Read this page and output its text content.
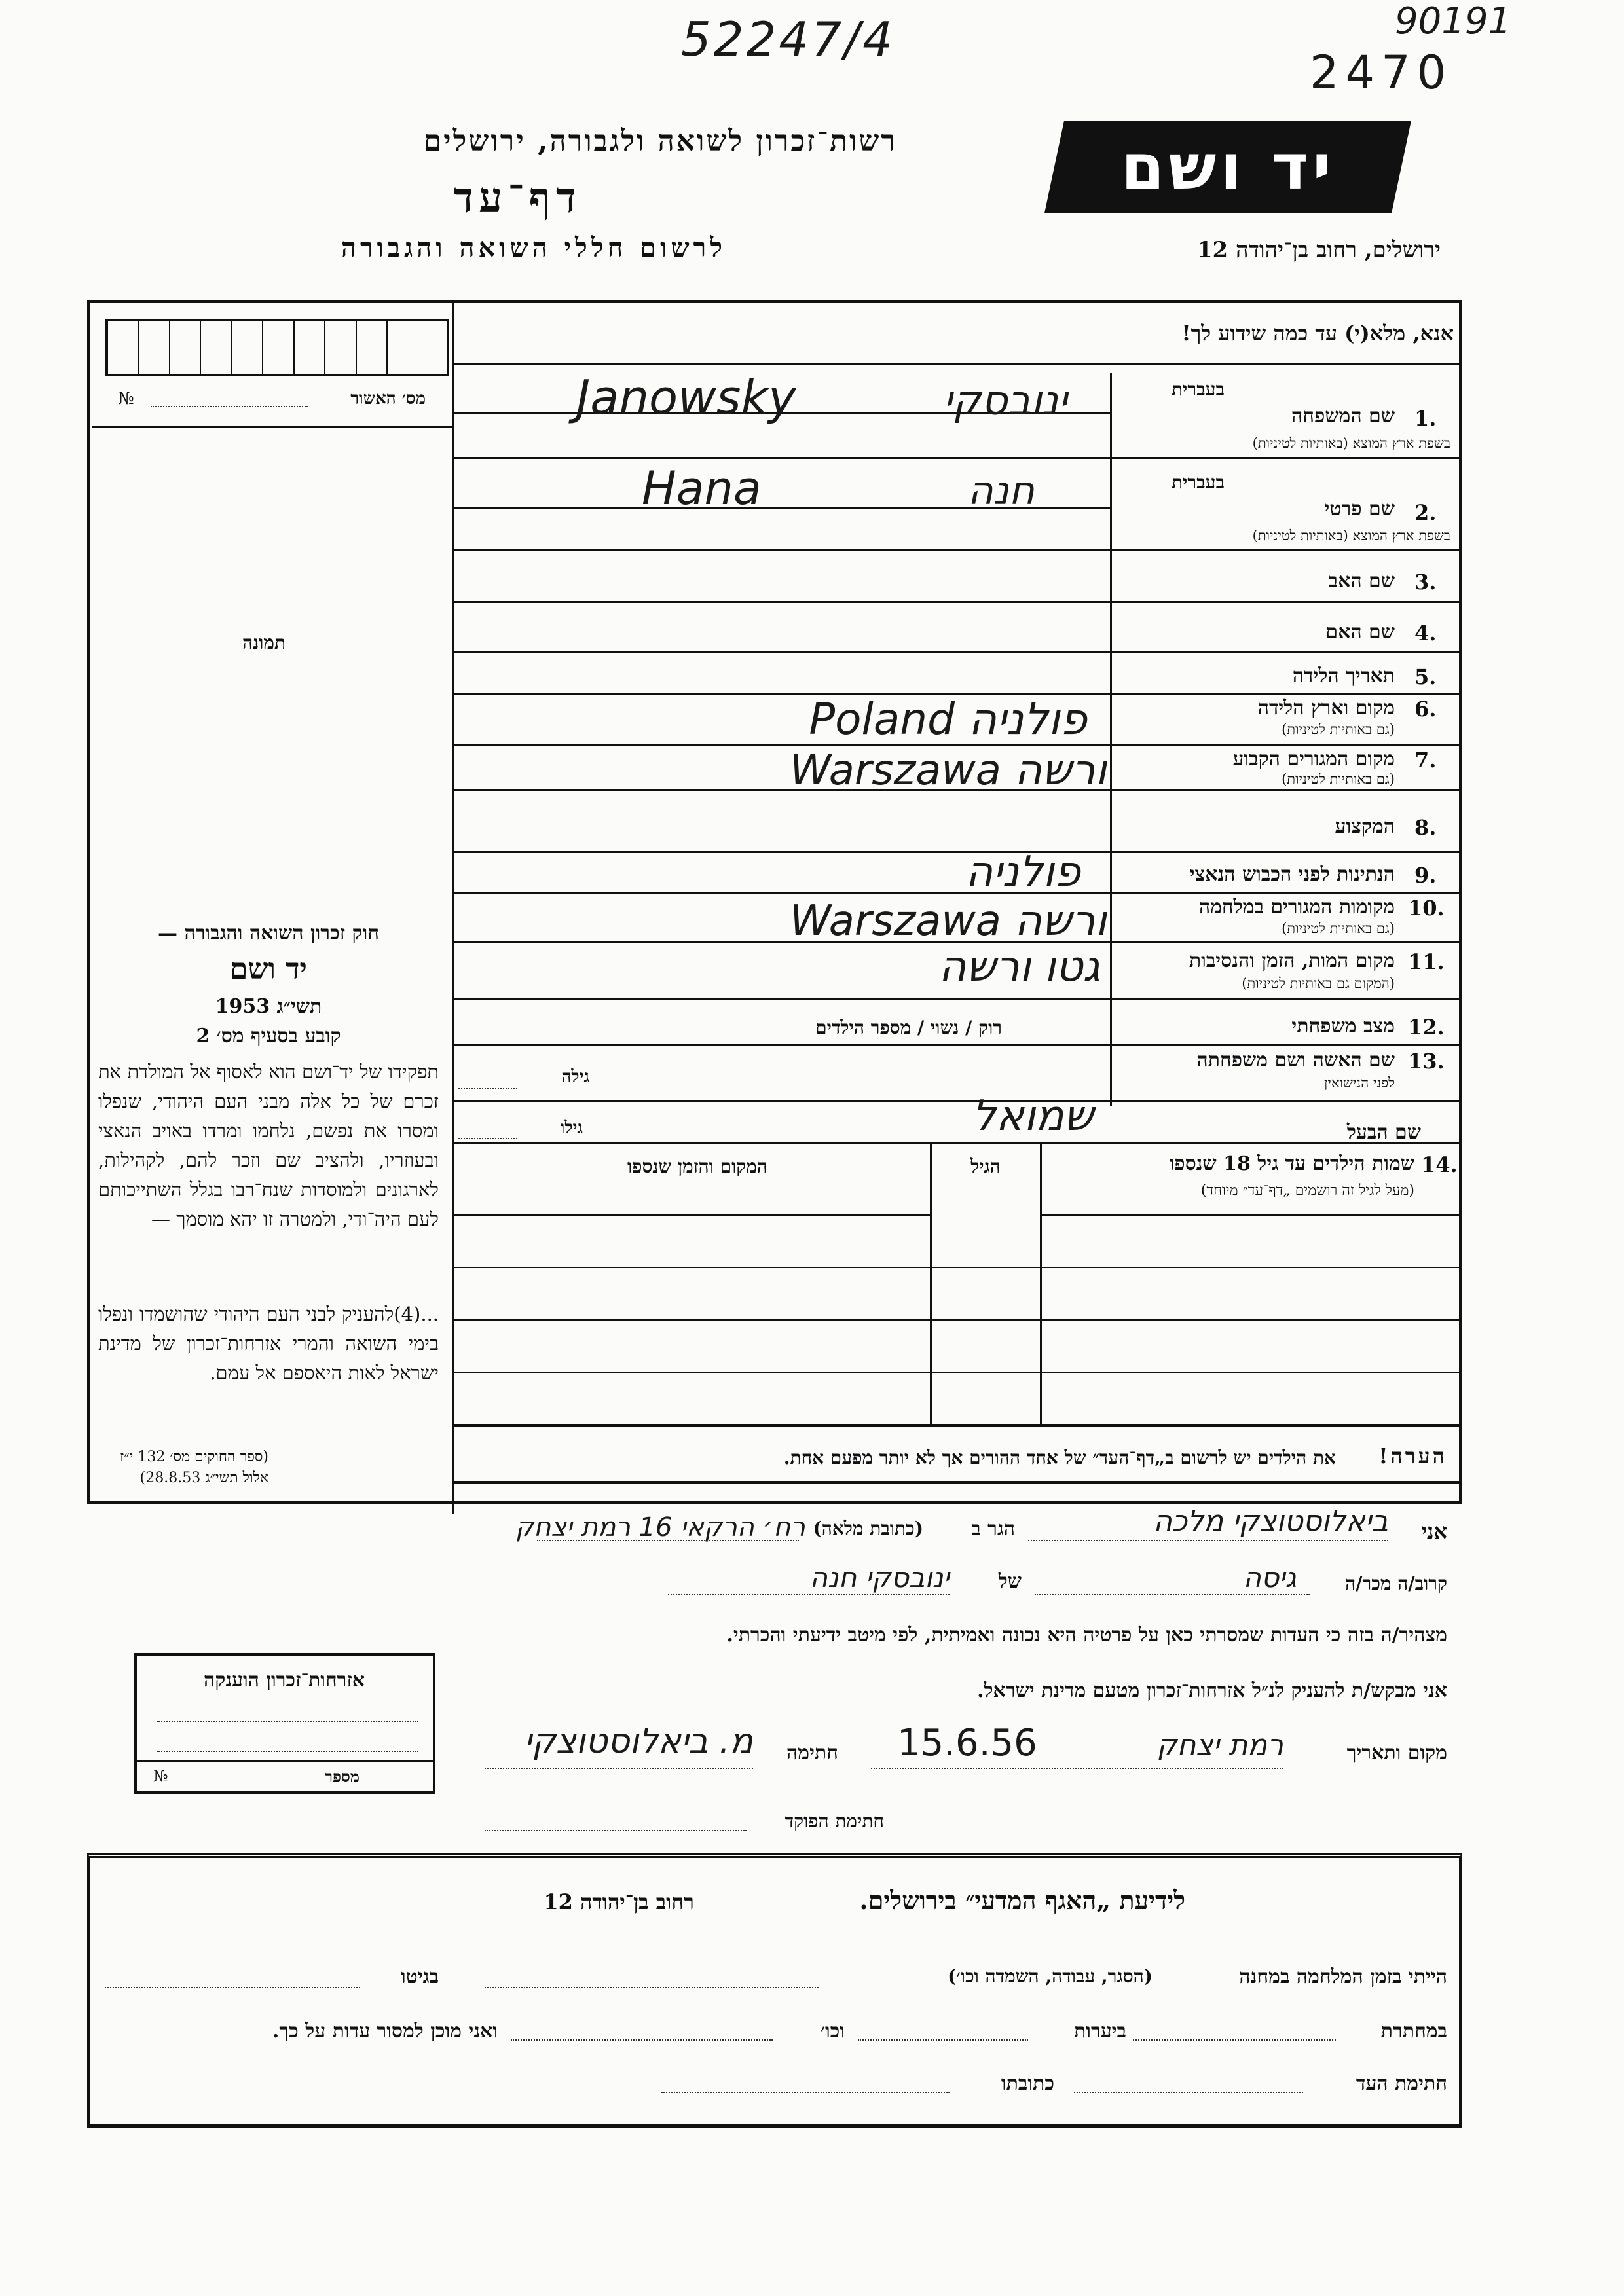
52247/4
2470
90191
רשות־זכרון לשואה ולגבורה, ירושלים
דף־עד
לרשום חללי השואה והגבורה
יד ושם
ירושלים, רחוב בן־יהודה 12
אנא, מלא(י) עד כמה שידוע לך!
מס׳ האשור
№
תמונה
חוק זכרון השואה והגבורה —
יד ושם
תשי״ג 1953
קובע בסעיף מס׳ 2
תפקידו של יד־ושם הוא לאסוף אל המולדת את זכרם של כל אלה מבני העם היהודי, שנפלו ומסרו את נפשם, נלחמו ומרדו באויב הנאצי ובעוזריו, ולהציב שם וזכר להם, לקהילות, לארגונים ולמוסדות שנח־רבו בגלל השתייכותם לעם היה־ודי, ולמטרה זו יהא מוסמך —
...(4)להעניק לבני העם היהודי שהושמדו ונפלו בימי השואה והמרי אזרחות־זכרון של מדינת ישראל לאות היאספם אל עמם.
(ספר החוקים מס׳ 132 י״ז אלול תשי״ג 28.8.53)
שם המשפחה 1.
בעברית
בשפת ארץ המוצא (באותיות לטיניות)
Janowsky	ינובסקי
שם פרטי 2.
בעברית
בשפת ארץ המוצא (באותיות לטיניות)
Hana	חנה
שם האב 3.
שם האם 4.
תאריך הלידה 5.
מקום וארץ הלידה 6.
(גם באותיות לטיניות)
פולניה Poland
מקום המגורים הקבוע 7.
(גם באותיות לטיניות)
ורשה Warszawa
המקצוע 8.
הנתינות לפני הכבוש הנאצי 9.
פולניה
מקומות המגורים במלחמה 10.
(גם באותיות לטיניות)
ורשה Warszawa
מקום המות, הזמן והנסיבות 11.
(המקום גם באותיות לטיניות)
גטו ורשה
מצב משפחתי 12.
רוק / נשוי / מספר הילדים
שם האשה ושם משפחתה 13.
לפני הנישואין
גילה
שם הבעל
שמואל
גילו
שמות הילדים עד גיל 18 שנספו 14.
(מעל לגיל זה רושמים „דף־עד״ מיוחד)
הגיל
המקום והזמן שנספו
הערה!
את הילדים יש לרשום ב„דף־העד״ של אחד ההורים אך לא יותר מפעם אחת.
אני
ביאלוסטוצקי מלכה
הגר ב
(כתובת מלאה)
רח׳ הרקאי 16 רמת יצחק
קרוב/ה מכר/ה
גיסה
של
ינובסקי חנה
מצהיר/ה בזה כי העדות שמסרתי כאן על פרטיה היא נכונה ואמיתית, לפי מיטב ידיעתי והכרתי.
אני מבקש/ת להעניק לנ״ל אזרחות־זכרון מטעם מדינת ישראל.
מקום ותאריך
רמת יצחק
15.6.56
חתימה
מ. ביאלוסטוצקי
חתימת הפוקד
אזרחות־זכרון הוענקה
מספר
№
לידיעת „האגף המדעי״ בירושלים.
רחוב בן־יהודה 12
הייתי בזמן המלחמה במחנה
(הסגר, עבודה, השמדה וכו׳)
בגיטו
במחתרת
ביערות
וכו׳
ואני מוכן למסור עדות על כך.
חתימת העד
כתובתו
